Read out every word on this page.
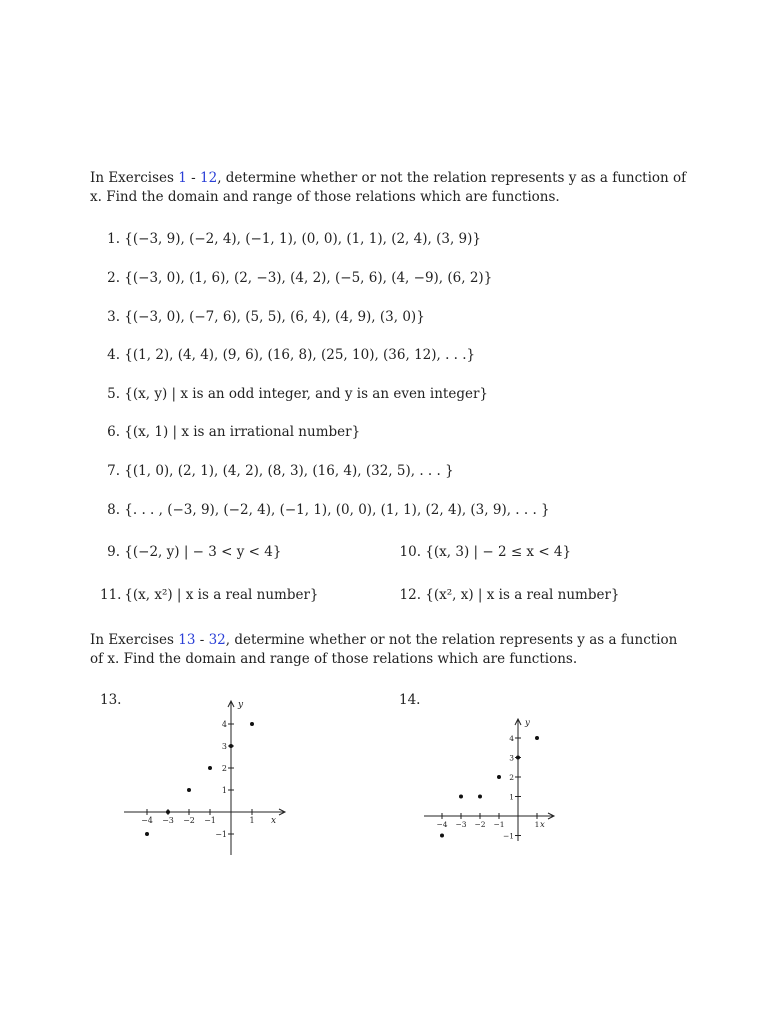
In Exercises 1 - 12, determine whether or not the relation represents y as a function of x. Find the domain and range of those relations which are functions.
1. {(−3, 9), (−2, 4), (−1, 1), (0, 0), (1, 1), (2, 4), (3, 9)}
2. {(−3, 0), (1, 6), (2, −3), (4, 2), (−5, 6), (4, −9), (6, 2)}
3. {(−3, 0), (−7, 6), (5, 5), (6, 4), (4, 9), (3, 0)}
4. {(1, 2), (4, 4), (9, 6), (16, 8), (25, 10), (36, 12), . . .}
5. {(x, y) | x is an odd integer, and y is an even integer}
6. {(x, 1) | x is an irrational number}
7. {(1, 0), (2, 1), (4, 2), (8, 3), (16, 4), (32, 5), . . . }
8. {. . . , (−3, 9), (−2, 4), (−1, 1), (0, 0), (1, 1), (2, 4), (3, 9), . . . }
9. {(−2, y) | − 3 < y < 4}	10. {(x, 3) | − 2 ≤ x < 4}
11. {(x, x²) | x is a real number}	12. {(x², x) | x is a real number}
In Exercises 13 - 32, determine whether or not the relation represents y as a function of x. Find the domain and range of those relations which are functions.
13.	14.
x
y
−4 −3 −2 −1	1
4
3
2
1
−1
x
y
−4 −3 −2 −1	1
4
3
2
1
−1
